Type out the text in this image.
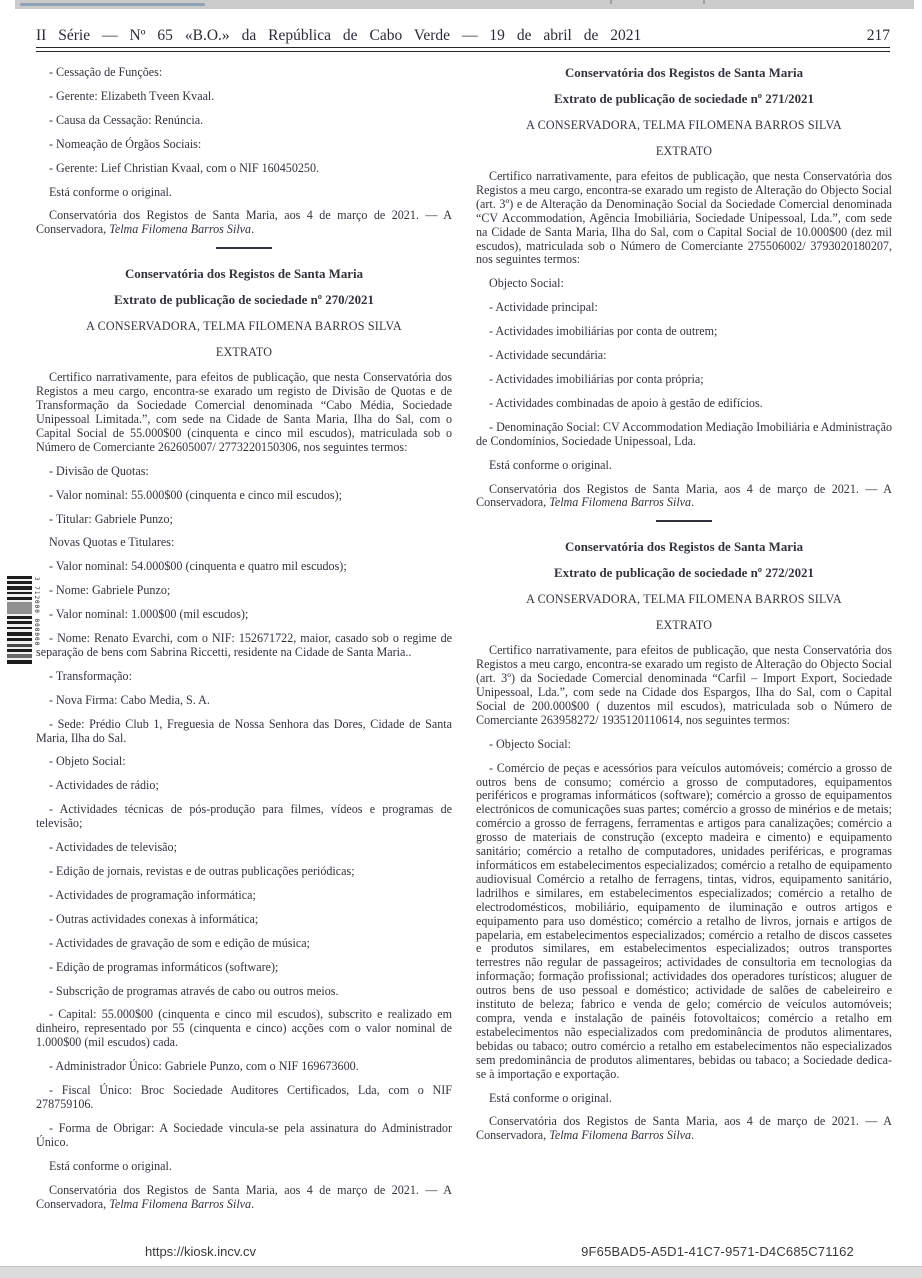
II Série — Nº 65 «B.O.» da República de Cabo Verde — 19 de abril de 2021	217

- Cessação de Funções:

- Gerente: Elizabeth Tveen Kvaal.

- Causa da Cessação: Renúncia.

- Nomeação de Órgãos Sociais:

- Gerente: Lief Christian Kvaal, com o NIF 160450250.

Está conforme o original.

Conservatória dos Registos de Santa Maria, aos 4 de março de 2021. — A Conservadora, Telma Filomena Barros Silva.

Conservatória dos Registos de Santa Maria

Extrato de publicação de sociedade nº 270/2021

A CONSERVADORA, TELMA FILOMENA BARROS SILVA

EXTRATO

Certifico narrativamente, para efeitos de publicação, que nesta Conservatória dos Registos a meu cargo, encontra-se exarado um registo de Divisão de Quotas e de Transformação da Sociedade Comercial denominada “Cabo Média, Sociedade Unipessoal Limitada.”, com sede na Cidade de Santa Maria, Ilha do Sal, com o Capital Social de 55.000$00 (cinquenta e cinco mil escudos), matriculada sob o Número de Comerciante 262605007/ 2773220150306, nos seguintes termos:

- Divisão de Quotas:

- Valor nominal: 55.000$00 (cinquenta e cinco mil escudos);

- Titular: Gabriele Punzo;

Novas Quotas e Titulares:

- Valor nominal: 54.000$00 (cinquenta e quatro mil escudos);

- Nome: Gabriele Punzo;

- Valor nominal: 1.000$00 (mil escudos);

- Nome: Renato Evarchi, com o NIF: 152671722, maior, casado sob o regime de separação de bens com Sabrina Riccetti, residente na Cidade de Santa Maria..

- Transformação:

- Nova Firma: Cabo Media, S. A.

- Sede: Prédio Club 1, Freguesia de Nossa Senhora das Dores, Cidade de Santa Maria, Ilha do Sal.

- Objeto Social:

- Actividades de rádio;

- Actividades técnicas de pós-produção para filmes, vídeos e programas de televisão;

- Actividades de televisão;

- Edição de jornais, revistas e de outras publicações periódicas;

- Actividades de programação informática;

- Outras actividades conexas à informática;

- Actividades de gravação de som e edição de música;

- Edição de programas informáticos (software);

- Subscrição de programas através de cabo ou outros meios.

- Capital: 55.000$00 (cinquenta e cinco mil escudos), subscrito e realizado em dinheiro, representado por 55 (cinquenta e cinco) acções com o valor nominal de 1.000$00 (mil escudos) cada.

- Administrador Único: Gabriele Punzo, com o NIF 169673600.

- Fiscal Único: Broc Sociedade Auditores Certificados, Lda, com o NIF 278759106.

- Forma de Obrigar: A Sociedade vincula-se pela assinatura do Administrador Único.

Está conforme o original.

Conservatória dos Registos de Santa Maria, aos 4 de março de 2021. — A Conservadora, Telma Filomena Barros Silva.

Conservatória dos Registos de Santa Maria

Extrato de publicação de sociedade nº 271/2021

A CONSERVADORA, TELMA FILOMENA BARROS SILVA

EXTRATO

Certifico narrativamente, para efeitos de publicação, que nesta Conservatória dos Registos a meu cargo, encontra-se exarado um registo de Alteração do Objecto Social (art. 3º) e de Alteração da Denominação Social da Sociedade Comercial denominada “CV Accommodation, Agência Imobiliária, Sociedade Unipessoal, Lda.”, com sede na Cidade de Santa Maria, Ilha do Sal, com o Capital Social de 10.000$00 (dez mil escudos), matriculada sob o Número de Comerciante 275506002/ 3793020180207, nos seguintes termos:

Objecto Social:

- Actividade principal:

- Actividades imobiliárias por conta de outrem;

- Actividade secundária:

- Actividades imobiliárias por conta própria;

- Actividades combinadas de apoio à gestão de edifícios.

- Denominação Social: CV Accommodation Mediação Imobiliária e Administração de Condomínios, Sociedade Unipessoal, Lda.

Está conforme o original.

Conservatória dos Registos de Santa Maria, aos 4 de março de 2021. — A Conservadora, Telma Filomena Barros Silva.

Conservatória dos Registos de Santa Maria

Extrato de publicação de sociedade nº 272/2021

A CONSERVADORA, TELMA FILOMENA BARROS SILVA

EXTRATO

Certifico narrativamente, para efeitos de publicação, que nesta Conservatória dos Registos a meu cargo, encontra-se exarado um registo de Alteração do Objecto Social (art. 3º) da Sociedade Comercial denominada “Carfil – Import Export, Sociedade Unipessoal, Lda.”, com sede na Cidade dos Espargos, Ilha do Sal, com o Capital Social de 200.000$00 ( duzentos mil escudos), matriculada sob o Número de Comerciante 263958272/ 1935120110614, nos seguintes termos:

- Objecto Social:

- Comércio de peças e acessórios para veículos automóveis; comércio a grosso de outros bens de consumo; comércio a grosso de computadores, equipamentos periféricos e programas informáticos (software); comércio a grosso de equipamentos electrónicos de comunicações suas partes; comércio a grosso de minérios e de metais; comércio a grosso de ferragens, ferramentas e artigos para canalizações; comércio a grosso de materiais de construção (excepto madeira e cimento) e equipamento sanitário; comércio a retalho de computadores, unidades periféricas, e programas informáticos em estabelecimentos especializados; comércio a retalho de equipamento audiovisual Comércio a retalho de ferragens, tintas, vidros, equipamento sanitário, ladrilhos e similares, em estabelecimentos especializados; comércio a retalho de electrodomésticos, mobiliário, equipamento de iluminação e outros artigos e equipamento para uso doméstico; comércio a retalho de livros, jornais e artigos de papelaria, em estabelecimentos especializados; comércio a retalho de discos cassetes e produtos similares, em estabelecimentos especializados; outros transportes terrestres não regular de passageiros; actividades de consultoria em tecnologias da informação; formação profissional; actividades dos operadores turísticos; aluguer de outros bens de uso pessoal e doméstico; actividade de salões de cabeleireiro e instituto de beleza; fabrico e venda de gelo; comércio de veículos automóveis; compra, venda e instalação de painéis fotovoltaicos; comércio a retalho em estabelecimentos não especializados com predominância de produtos alimentares, bebidas ou tabaco; outro comércio a retalho em estabelecimentos não especializados sem predominância de produtos alimentares, bebidas ou tabaco; a Sociedade dedica-se à importação e exportação.

Está conforme o original.

Conservatória dos Registos de Santa Maria, aos 4 de março de 2021. — A Conservadora, Telma Filomena Barros Silva.

3 712000 000000
https://kiosk.incv.cv	9F65BAD5-A5D1-41C7-9571-D4C685C71162
